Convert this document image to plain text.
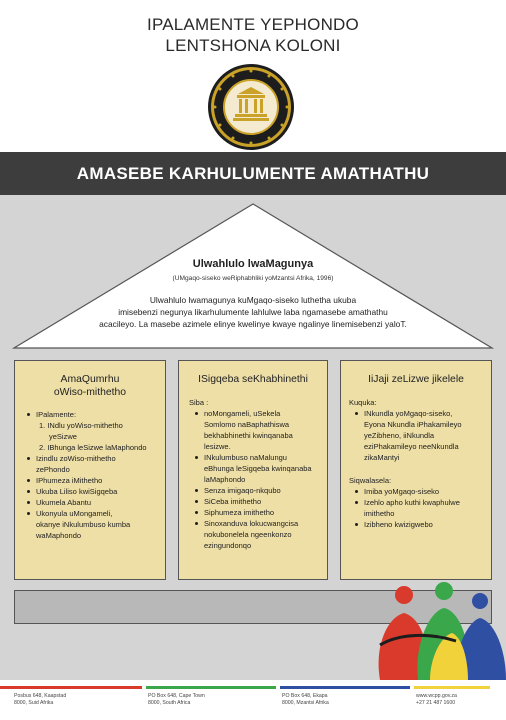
IPALAMENTE YEPHONDO
LENTSHONA KOLONI
AMASEBE KARHULUMENTE AMATHATHU
Ulwahlulo lwaMagunya
(UMgaqo-siseko weRiphabhliki yoMzantsi Afrika, 1996)
Ulwahlulo lwamagunya kuMgaqo-siseko luthetha ukuba
imisebenzi negunya likarhulumente lahlulwe laba ngamasebe amathathu
acacileyo. La masebe azimele elinye kwelinye kwaye ngalinye linemisebenzi yaloT.
AmaQumrhu
oWiso-mithetho
IPalamente:
1. INdlu yoWiso-mithetho
yeSizwe
2. IBhunga leSizwe laMaphondo
Izindlu zoWiso-mithetho
zePhondo
IPhumeza iMithetho
Ukuba Liliso kwiSigqeba
Ukumela Abantu
Ukonyula uMongameli,
okanye iNkulumbuso kumba
waMaphondo
ISigqeba seKhabhinethi
Siba :
noMongameli, uSekela
Somlomo naBaphathiswa
bekhabhinethi kwinqanaba
lesizwe.
INkulumbuso naMalungu
eBhunga leSigqeba kwinqanaba
laMaphondo
Senza imigaqo-nkqubo
SiCeba imithetho
Siphumeza imithetho
Sinoxanduva lokucwangcisa
nokubonelela ngeenkonzo
ezingundonqo
IiJaji zeLizwe jikelele
Kuquka:
INkundla yoMgaqo-siseko,
Eyona Nkundla iPhakamileyo
yeZibheno, iiNkundla
eziPhakamileyo neeNkundla
zikaMantyi
Siqwalasela:
Imiba yoMgaqo-siseko
Izehlo apho kuthi kwaphulwe
imithetho
Izibheno kwizigwebo
Posbus 648, Kaapstad
8000, Suid Afrika
PO Box 648, Cape Town
8000, South Africa
PO Box 648, Ekapa
8000, Mzantsi Afrika
www.wcpp.gov.za
+27 21 487 1600
